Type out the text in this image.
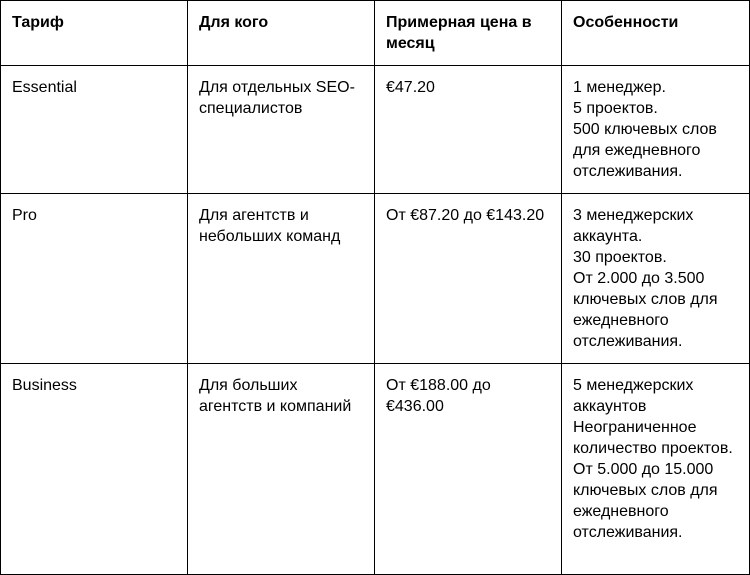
Тариф	Для кого	Примерная цена в месяц	Особенности
Essential	Для отдельных SEO-специалистов	€47.20	1 менеджер.
5 проектов.
500 ключевых слов для ежедневного отслеживания.
Pro	Для агентств и небольших команд	От €87.20 до €143.20	3 менеджерских аккаунта.
30 проектов.
От 2.000 до 3.500 ключевых слов для ежедневного отслеживания.
Business	Для больших агентств и компаний	От €188.00 до €436.00	5 менеджерских аккаунтов
Неограниченное количество проектов.
От 5.000 до 15.000 ключевых слов для ежедневного отслеживания.
